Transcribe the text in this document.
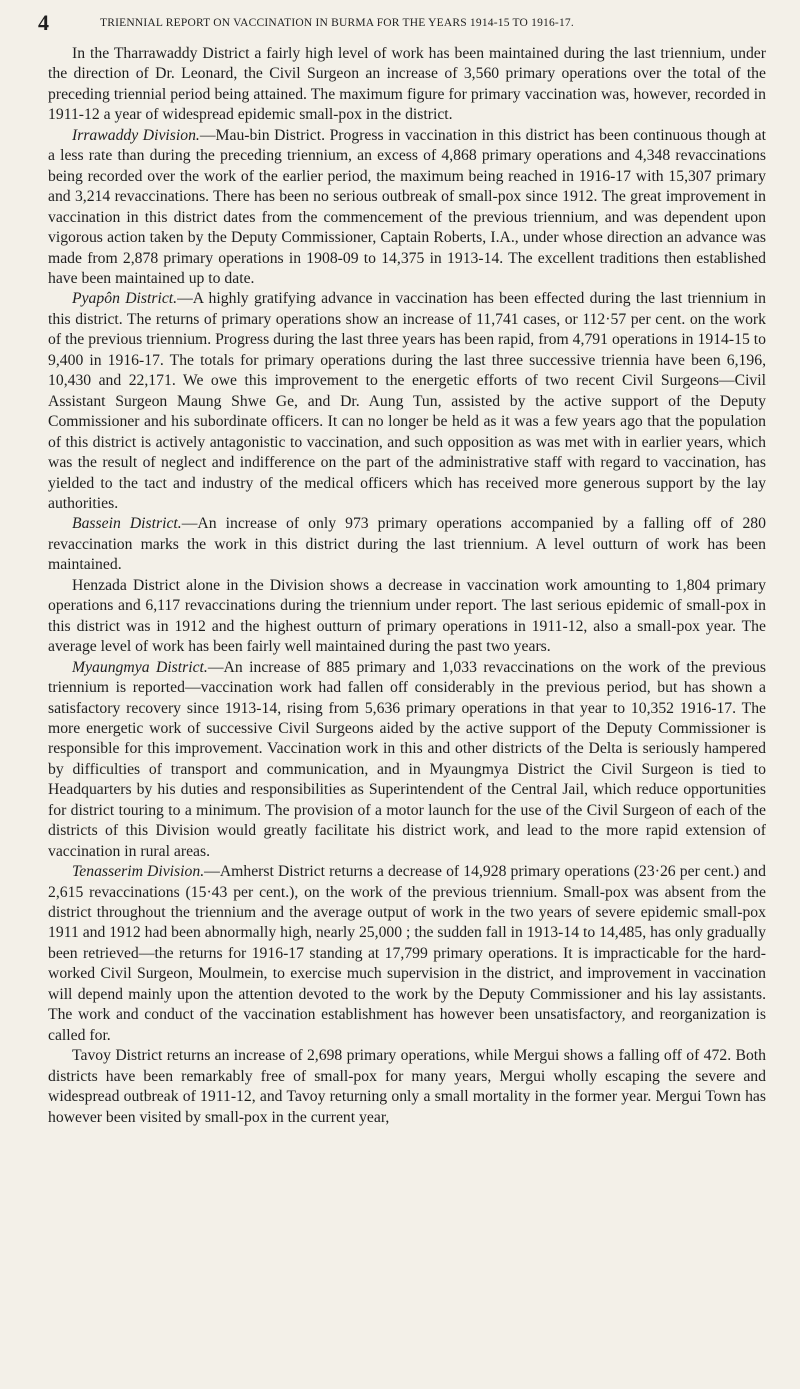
4	TRIENNIAL REPORT ON VACCINATION IN BURMA FOR THE YEARS 1914-15 TO 1916-17.

In the Tharrawaddy District a fairly high level of work has been maintained during the last triennium, under the direction of Dr. Leonard, the Civil Surgeon an increase of 3,560 primary operations over the total of the preceding triennial period being attained. The maximum figure for primary vaccination was, however, recorded in 1911-12 a year of widespread epidemic small-pox in the district.

Irrawaddy Division.—Mau-bin District. Progress in vaccination in this district has been continuous though at a less rate than during the preceding triennium, an excess of 4,868 primary operations and 4,348 revaccinations being recorded over the work of the earlier period, the maximum being reached in 1916-17 with 15,307 primary and 3,214 revaccinations. There has been no serious outbreak of small-pox since 1912. The great improvement in vaccination in this district dates from the commencement of the previous triennium, and was dependent upon vigorous action taken by the Deputy Commissioner, Captain Roberts, I.A., under whose direction an advance was made from 2,878 primary operations in 1908-09 to 14,375 in 1913-14. The excellent traditions then established have been maintained up to date.

Pyapôn District.—A highly gratifying advance in vaccination has been effected during the last triennium in this district. The returns of primary operations show an increase of 11,741 cases, or 112·57 per cent. on the work of the previous triennium. Progress during the last three years has been rapid, from 4,791 operations in 1914-15 to 9,400 in 1916-17. The totals for primary operations during the last three successive triennia have been 6,196, 10,430 and 22,171. We owe this improvement to the energetic efforts of two recent Civil Surgeons—Civil Assistant Surgeon Maung Shwe Ge, and Dr. Aung Tun, assisted by the active support of the Deputy Commissioner and his subordinate officers. It can no longer be held as it was a few years ago that the population of this district is actively antagonistic to vaccination, and such opposition as was met with in earlier years, which was the result of neglect and indifference on the part of the administrative staff with regard to vaccination, has yielded to the tact and industry of the medical officers which has received more generous support by the lay authorities.

Bassein District.—An increase of only 973 primary operations accompanied by a falling off of 280 revaccination marks the work in this district during the last triennium. A level outturn of work has been maintained.

Henzada District alone in the Division shows a decrease in vaccination work amounting to 1,804 primary operations and 6,117 revaccinations during the triennium under report. The last serious epidemic of small-pox in this district was in 1912 and the highest outturn of primary operations in 1911-12, also a small-pox year. The average level of work has been fairly well maintained during the past two years.

Myaungmya District.—An increase of 885 primary and 1,033 revaccinations on the work of the previous triennium is reported—vaccination work had fallen off considerably in the previous period, but has shown a satisfactory recovery since 1913-14, rising from 5,636 primary operations in that year to 10,352 1916-17. The more energetic work of successive Civil Surgeons aided by the active support of the Deputy Commissioner is responsible for this improvement. Vaccination work in this and other districts of the Delta is seriously hampered by difficulties of transport and communication, and in Myaungmya District the Civil Surgeon is tied to Headquarters by his duties and responsibilities as Superintendent of the Central Jail, which reduce opportunities for district touring to a minimum. The provision of a motor launch for the use of the Civil Surgeon of each of the districts of this Division would greatly facilitate his district work, and lead to the more rapid extension of vaccination in rural areas.

Tenasserim Division.—Amherst District returns a decrease of 14,928 primary operations (23·26 per cent.) and 2,615 revaccinations (15·43 per cent.), on the work of the previous triennium. Small-pox was absent from the district throughout the triennium and the average output of work in the two years of severe epidemic small-pox 1911 and 1912 had been abnormally high, nearly 25,000 ; the sudden fall in 1913-14 to 14,485, has only gradually been retrieved—the returns for 1916-17 standing at 17,799 primary operations. It is impracticable for the hard-worked Civil Surgeon, Moulmein, to exercise much supervision in the district, and improvement in vaccination will depend mainly upon the attention devoted to the work by the Deputy Commissioner and his lay assistants. The work and conduct of the vaccination establishment has however been unsatisfactory, and reorganization is called for.

Tavoy District returns an increase of 2,698 primary operations, while Mergui shows a falling off of 472. Both districts have been remarkably free of small-pox for many years, Mergui wholly escaping the severe and widespread outbreak of 1911-12, and Tavoy returning only a small mortality in the former year. Mergui Town has however been visited by small-pox in the current year,
